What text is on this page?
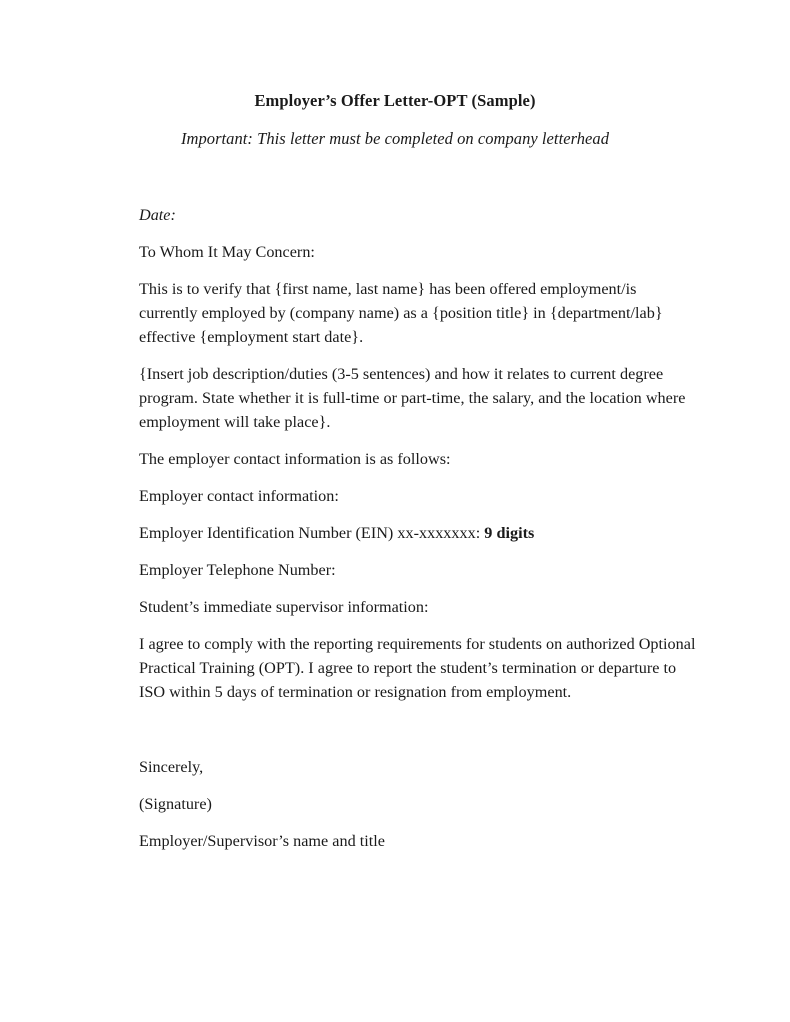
Employer’s Offer Letter-OPT (Sample)
Important: This letter must be completed on company letterhead

Date:

To Whom It May Concern:

This is to verify that {first name, last name} has been offered employment/is currently employed by (company name) as a {position title} in {department/lab} effective {employment start date}.

{Insert job description/duties (3-5 sentences) and how it relates to current degree program. State whether it is full-time or part-time, the salary, and the location where employment will take place}.

The employer contact information is as follows:

Employer contact information:

Employer Identification Number (EIN) xx-xxxxxxx: 9 digits

Employer Telephone Number:

Student’s immediate supervisor information:

I agree to comply with the reporting requirements for students on authorized Optional Practical Training (OPT). I agree to report the student’s termination or departure to ISO within 5 days of termination or resignation from employment.

Sincerely,

(Signature)

Employer/Supervisor’s name and title
